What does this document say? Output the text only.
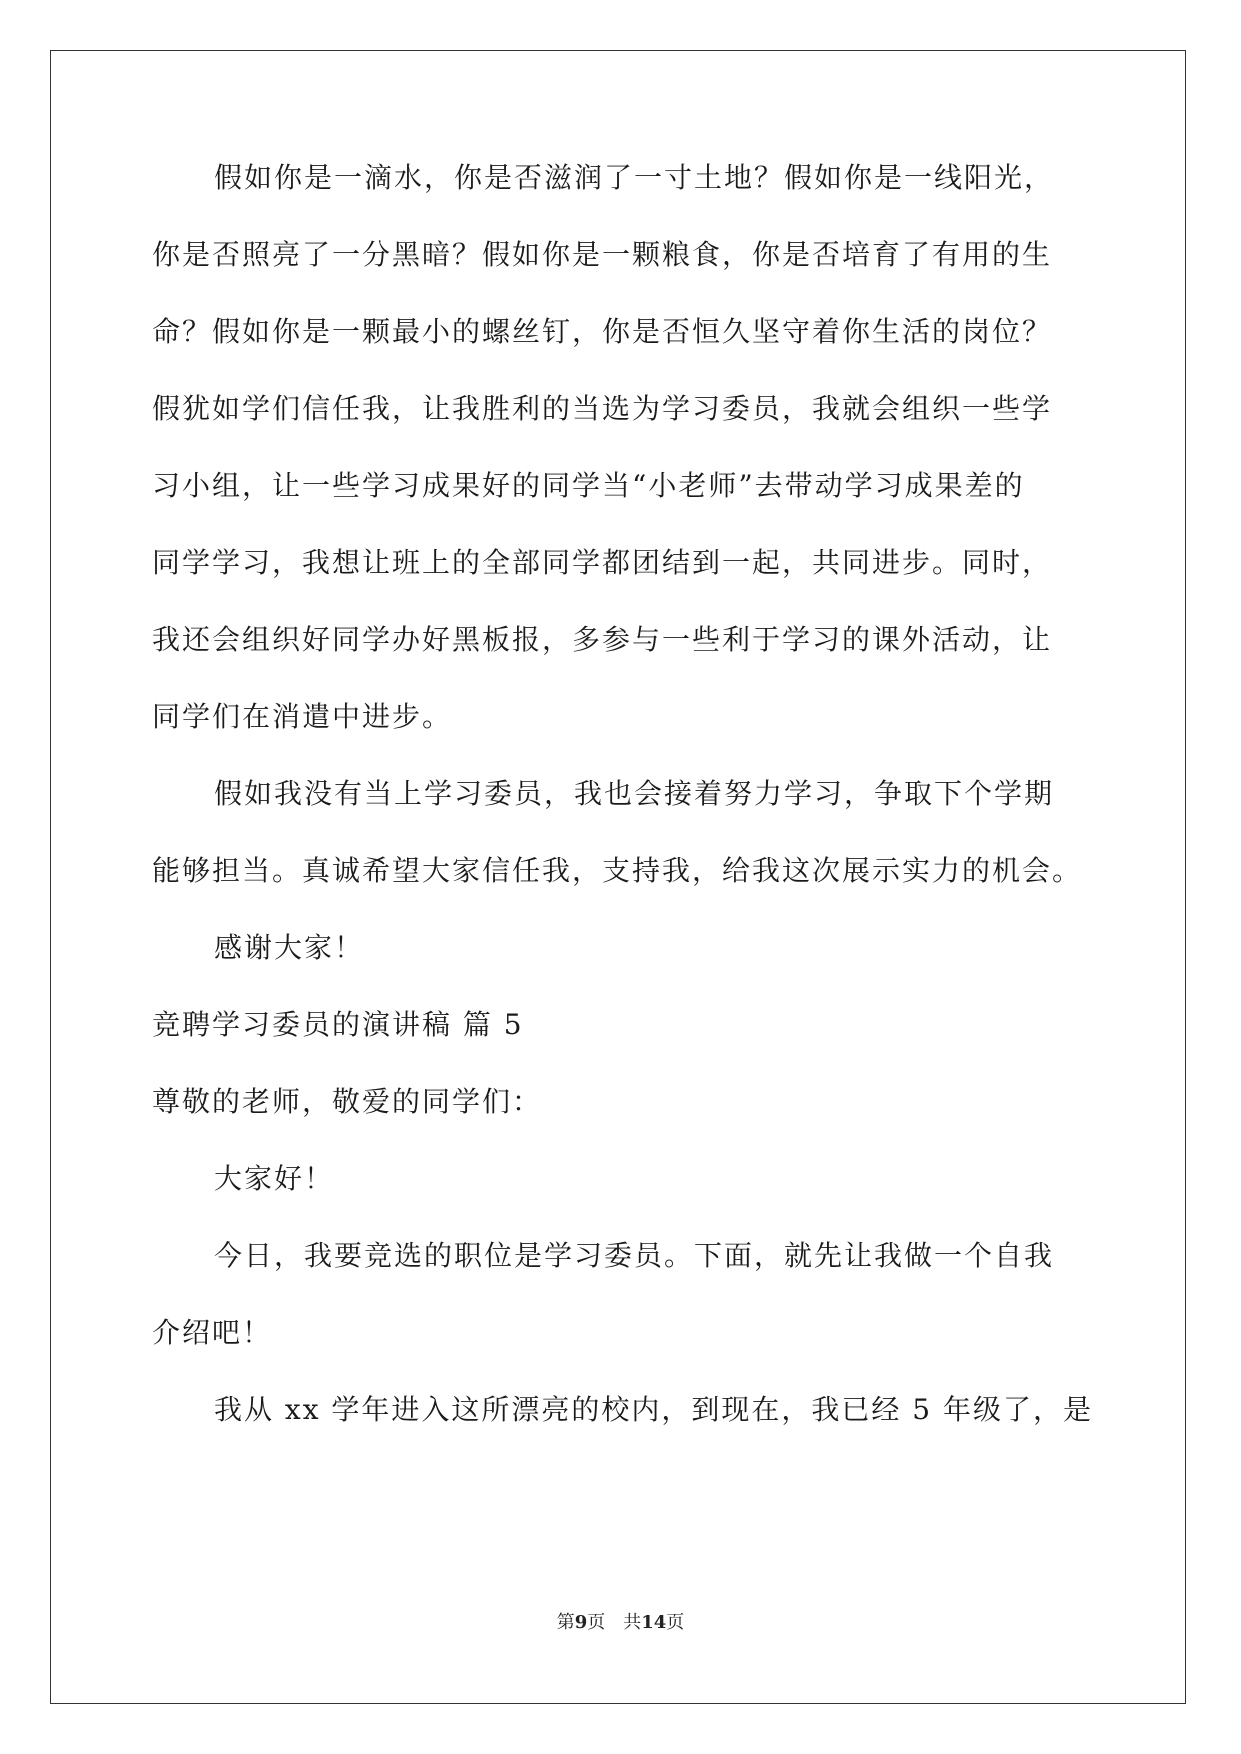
假如你是一滴水，你是否滋润了一寸土地？假如你是一线阳光，

你是否照亮了一分黑暗？假如你是一颗粮食，你是否培育了有用的生

命？假如你是一颗最小的螺丝钉，你是否恒久坚守着你生活的岗位？

假犹如学们信任我，让我胜利的当选为学习委员，我就会组织一些学

习小组，让一些学习成果好的同学当“小老师”去带动学习成果差的

同学学习，我想让班上的全部同学都团结到一起，共同进步。同时，

我还会组织好同学办好黑板报，多参与一些利于学习的课外活动，让

同学们在消遣中进步。

假如我没有当上学习委员，我也会接着努力学习，争取下个学期

能够担当。真诚希望大家信任我，支持我，给我这次展示实力的机会。

感谢大家！

竞聘学习委员的演讲稿 篇 5

尊敬的老师，敬爱的同学们：

大家好！

今日，我要竞选的职位是学习委员。下面，就先让我做一个自我

介绍吧！

我从 xx 学年进入这所漂亮的校内，到现在，我已经 5 年级了，是

第9页 共14页
